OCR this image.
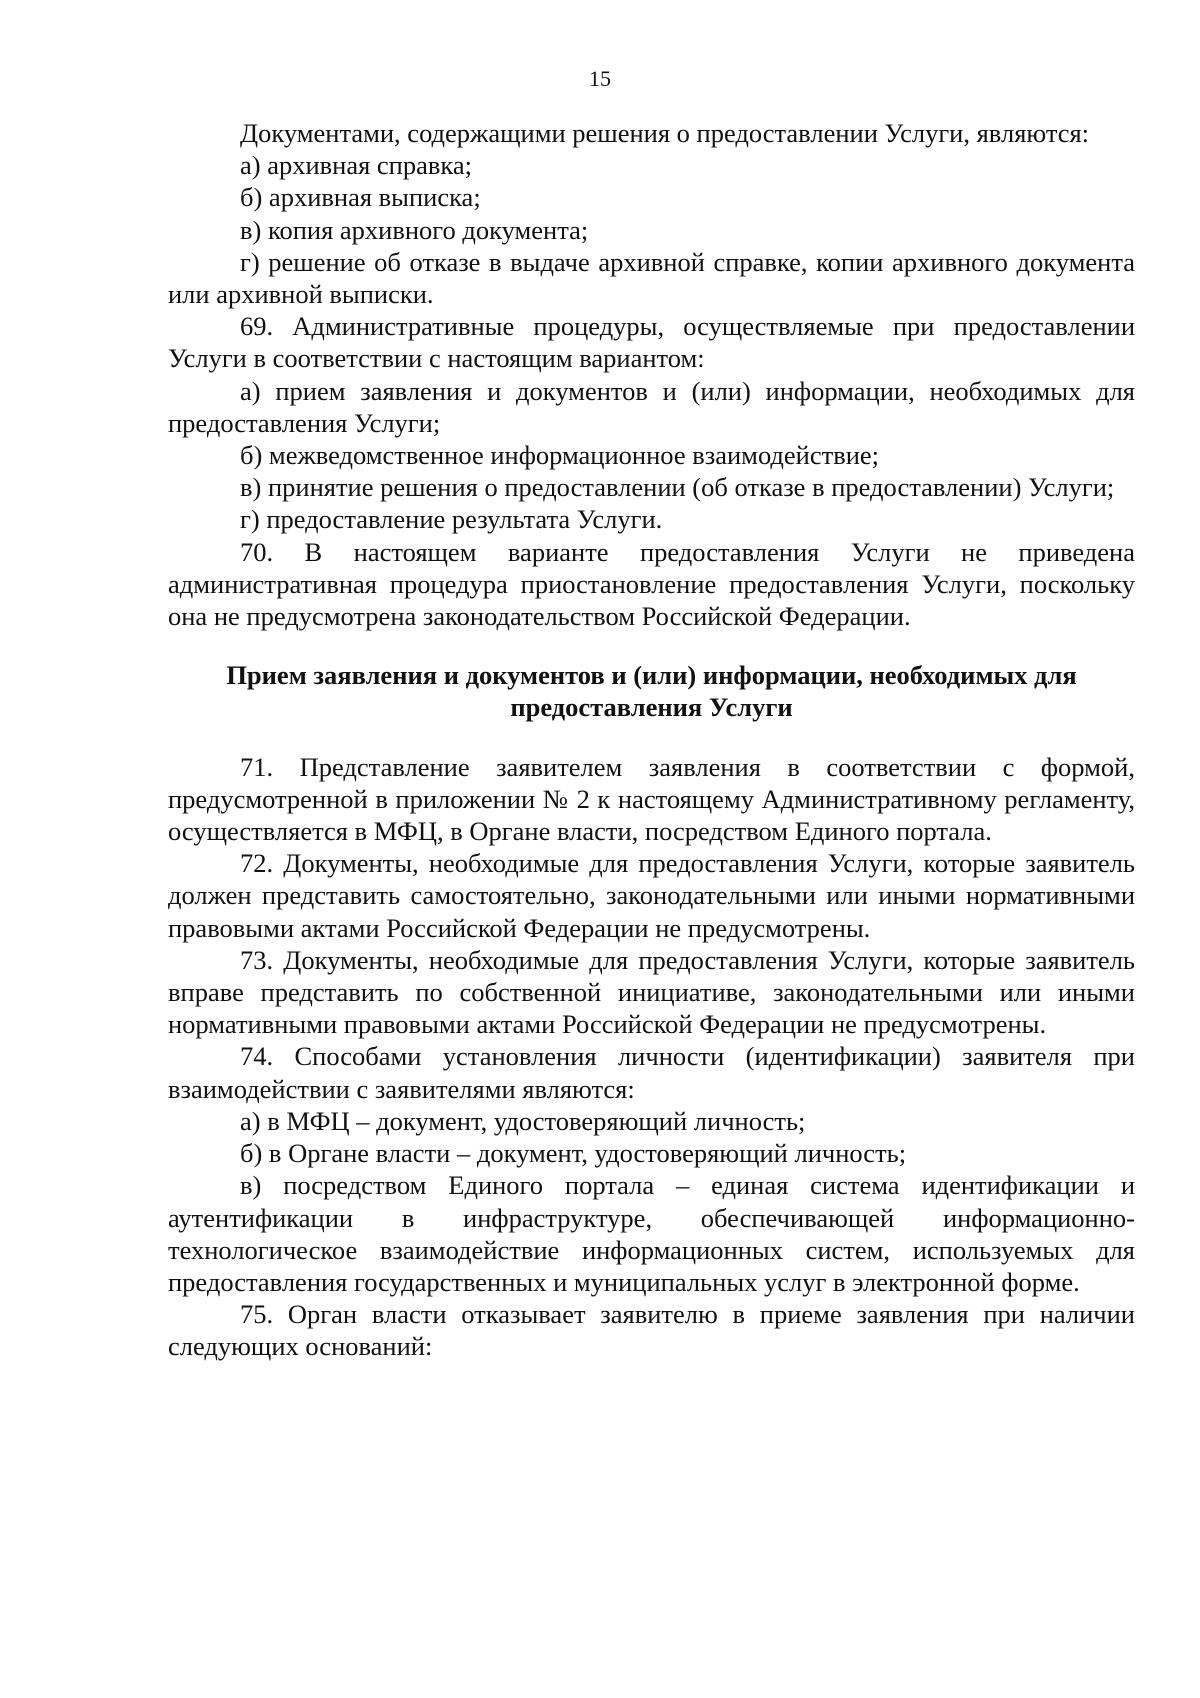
15

Документами, содержащими решения о предоставлении Услуги, являются:

а) архивная справка;

б) архивная выписка;

в) копия архивного документа;

г) решение об отказе в выдаче архивной справке, копии архивного документа или архивной выписки.

69. Административные процедуры, осуществляемые при предоставлении Услуги в соответствии с настоящим вариантом:

а) прием заявления и документов и (или) информации, необходимых для предоставления Услуги;

б) межведомственное информационное взаимодействие;

в) принятие решения о предоставлении (об отказе в предоставлении) Услуги;

г) предоставление результата Услуги.

70. В настоящем варианте предоставления Услуги не приведена административная процедура приостановление предоставления Услуги, поскольку она не предусмотрена законодательством Российской Федерации.

Прием заявления и документов и (или) информации, необходимых для предоставления Услуги

71. Представление заявителем заявления в соответствии с формой, предусмотренной в приложении № 2 к настоящему Административному регламенту, осуществляется в МФЦ, в Органе власти, посредством Единого портала.

72. Документы, необходимые для предоставления Услуги, которые заявитель должен представить самостоятельно, законодательными или иными нормативными правовыми актами Российской Федерации не предусмотрены.

73. Документы, необходимые для предоставления Услуги, которые заявитель вправе представить по собственной инициативе, законодательными или иными нормативными правовыми актами Российской Федерации не предусмотрены.

74. Способами установления личности (идентификации) заявителя при взаимодействии с заявителями являются:

а) в МФЦ – документ, удостоверяющий личность;

б) в Органе власти – документ, удостоверяющий личность;

в) посредством Единого портала – единая система идентификации и аутентификации в инфраструктуре, обеспечивающей информационно-технологическое взаимодействие информационных систем, используемых для предоставления государственных и муниципальных услуг в электронной форме.

75. Орган власти отказывает заявителю в приеме заявления при наличии следующих оснований:
